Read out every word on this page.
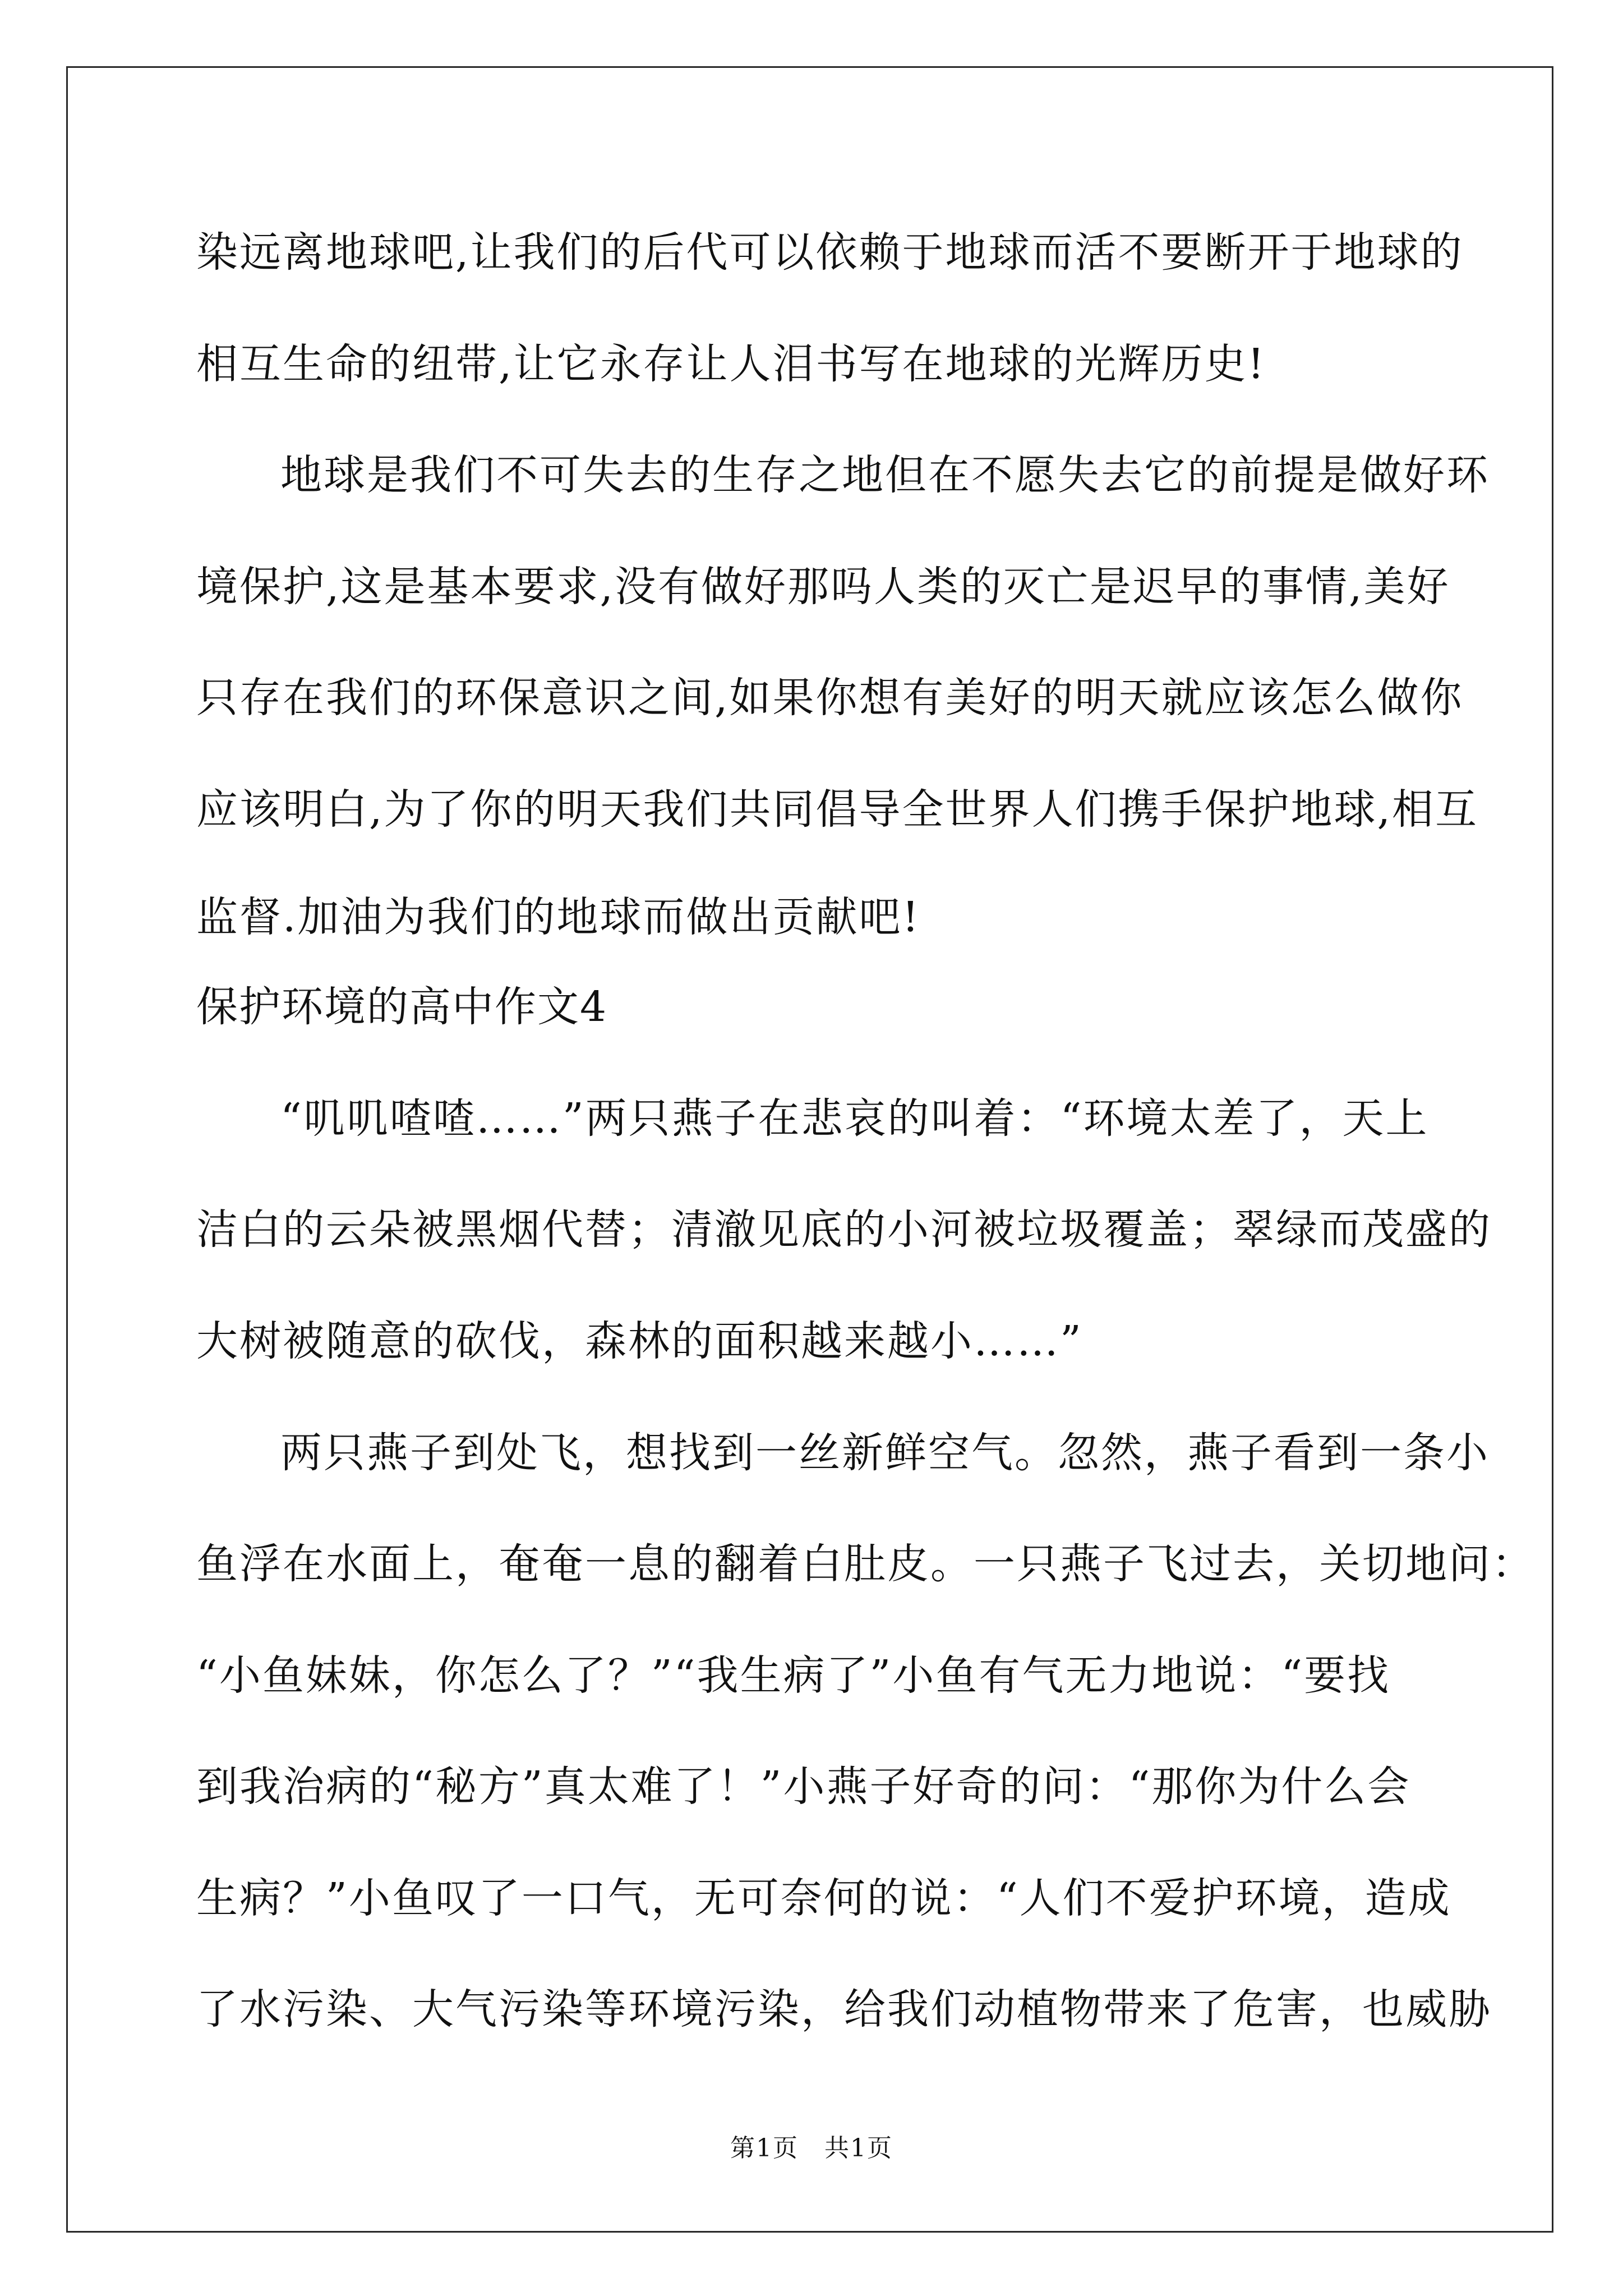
染远离地球吧,让我们的后代可以依赖于地球而活不要断开于地球的
相互生命的纽带,让它永存让人泪书写在地球的光辉历史!
地球是我们不可失去的生存之地但在不愿失去它的前提是做好环
境保护,这是基本要求,没有做好那吗人类的灭亡是迟早的事情,美好
只存在我们的环保意识之间,如果你想有美好的明天就应该怎么做你
应该明白,为了你的明天我们共同倡导全世界人们携手保护地球,相互
监督.加油为我们的地球而做出贡献吧!
保护环境的高中作文4
“叽叽喳喳……”两只燕子在悲哀的叫着：“环境太差了，天上
洁白的云朵被黑烟代替；清澈见底的小河被垃圾覆盖；翠绿而茂盛的
大树被随意的砍伐，森林的面积越来越小……”
两只燕子到处飞，想找到一丝新鲜空气。忽然，燕子看到一条小
鱼浮在水面上，奄奄一息的翻着白肚皮。一只燕子飞过去，关切地问：
“小鱼妹妹，你怎么了？”“我生病了”小鱼有气无力地说：“要找
到我治病的“秘方”真太难了！”小燕子好奇的问：“那你为什么会
生病？”小鱼叹了一口气，无可奈何的说：“人们不爱护环境，造成
了水污染、大气污染等环境污染，给我们动植物带来了危害，也威胁
第1页　共1页
